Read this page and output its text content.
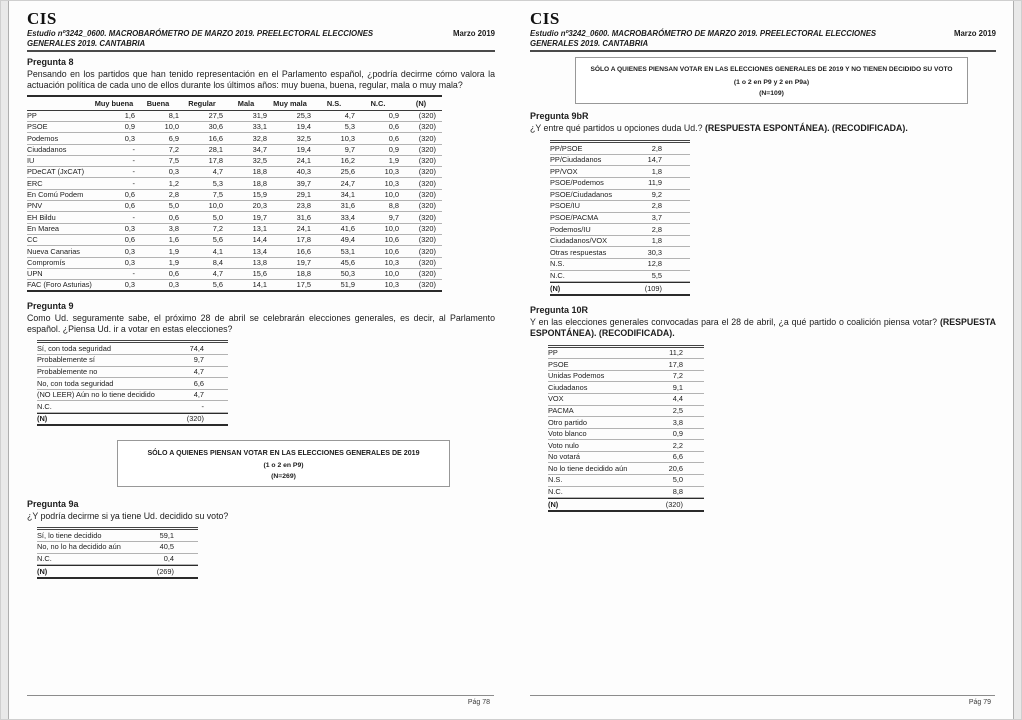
CIS
Estudio nº3242_0600. MACROBARÓMETRO DE MARZO 2019. PREELECTORAL ELECCIONES GENERALES 2019. CANTABRIA
Marzo 2019
Pregunta 8
Pensando en los partidos que han tenido representación en el Parlamento español, ¿podría decirme cómo valora la actuación política de cada uno de ellos durante los últimos años: muy buena, buena, regular, mala o muy mala?
Muy buena	Buena	Regular	Mala	Muy mala	N.S.	N.C.	(N)
PP	1,6	8,1	27,5	31,9	25,3	4,7	0,9	(320)
PSOE	0,9	10,0	30,6	33,1	19,4	5,3	0,6	(320)
Podemos	0,3	6,9	16,6	32,8	32,5	10,3	0,6	(320)
Ciudadanos	-	7,2	28,1	34,7	19,4	9,7	0,9	(320)
IU	-	7,5	17,8	32,5	24,1	16,2	1,9	(320)
PDeCAT (JxCAT)	-	0,3	4,7	18,8	40,3	25,6	10,3	(320)
ERC	-	1,2	5,3	18,8	39,7	24,7	10,3	(320)
En Comú Podem	0,6	2,8	7,5	15,9	29,1	34,1	10,0	(320)
PNV	0,6	5,0	10,0	20,3	23,8	31,6	8,8	(320)
EH Bildu	-	0,6	5,0	19,7	31,6	33,4	9,7	(320)
En Marea	0,3	3,8	7,2	13,1	24,1	41,6	10,0	(320)
CC	0,6	1,6	5,6	14,4	17,8	49,4	10,6	(320)
Nueva Canarias	0,3	1,9	4,1	13,4	16,6	53,1	10,6	(320)
Compromís	0,3	1,9	8,4	13,8	19,7	45,6	10,3	(320)
UPN	-	0,6	4,7	15,6	18,8	50,3	10,0	(320)
FAC (Foro Asturias)	0,3	0,3	5,6	14,1	17,5	51,9	10,3	(320)
Pregunta 9
Como Ud. seguramente sabe, el próximo 28 de abril se celebrarán elecciones generales, es decir, al Parlamento español. ¿Piensa Ud. ir a votar en estas elecciones?
Sí, con toda seguridad	74,4
Probablemente sí	9,7
Probablemente no	4,7
No, con toda seguridad	6,6
(NO LEER) Aún no lo tiene decidido	4,7
N.C.	-
(N)	(320)
SÓLO A QUIENES PIENSAN VOTAR EN LAS ELECCIONES GENERALES DE 2019
(1 o 2 en P9)
(N=269)
Pregunta 9a
¿Y podría decirme si ya tiene Ud. decidido su voto?
Sí, lo tiene decidido	59,1
No, no lo ha decidido aún	40,5
N.C.	0,4
(N)	(269)
Pág 78
CIS
Estudio nº3242_0600. MACROBARÓMETRO DE MARZO 2019. PREELECTORAL ELECCIONES GENERALES 2019. CANTABRIA
Marzo 2019
SÓLO A QUIENES PIENSAN VOTAR EN LAS ELECCIONES GENERALES DE 2019 Y NO TIENEN DECIDIDO SU VOTO
(1 o 2 en P9 y 2 en P9a)
(N=109)
Pregunta 9bR
¿Y entre qué partidos u opciones duda Ud.? (RESPUESTA ESPONTÁNEA). (RECODIFICADA).
PP/PSOE	2,8
PP/Ciudadanos	14,7
PP/VOX	1,8
PSOE/Podemos	11,9
PSOE/Ciudadanos	9,2
PSOE/IU	2,8
PSOE/PACMA	3,7
Podemos/IU	2,8
Ciudadanos/VOX	1,8
Otras respuestas	30,3
N.S.	12,8
N.C.	5,5
(N)	(109)
Pregunta 10R
Y en las elecciones generales convocadas para el 28 de abril, ¿a qué partido o coalición piensa votar? (RESPUESTA ESPONTÁNEA). (RECODIFICADA).
PP	11,2
PSOE	17,8
Unidas Podemos	7,2
Ciudadanos	9,1
VOX	4,4
PACMA	2,5
Otro partido	3,8
Voto blanco	0,9
Voto nulo	2,2
No votará	6,6
No lo tiene decidido aún	20,6
N.S.	5,0
N.C.	8,8
(N)	(320)
Pág 79
